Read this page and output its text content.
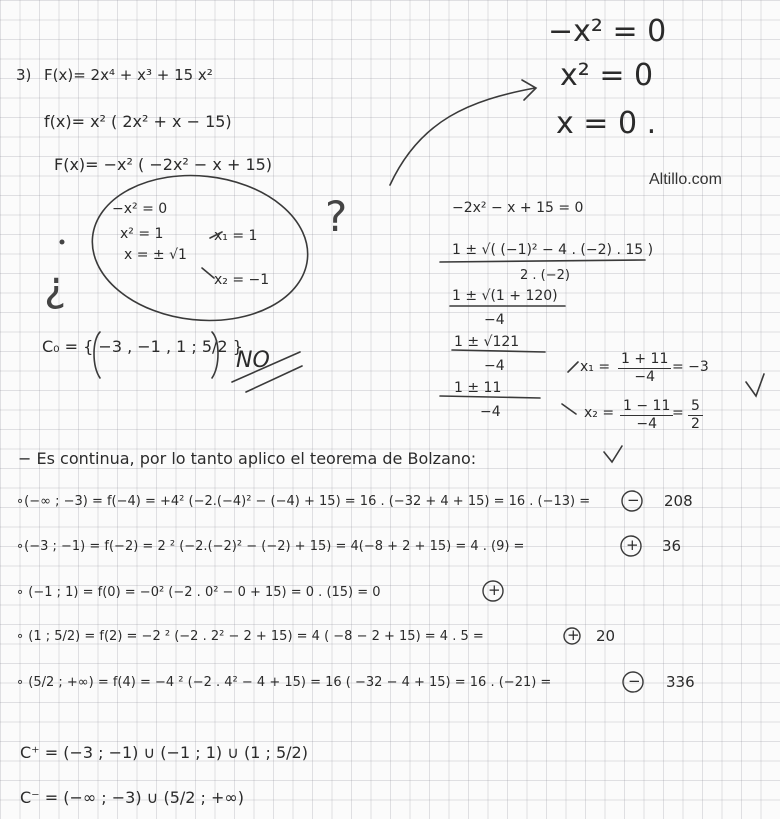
Altillo.com
3) F(x)= 2x⁴ + x³ + 15 x²
f(x)= x² ( 2x² + x − 15)
F(x)= −x² ( −2x² − x + 15)
−x² = 0
x² = 1
x = ± √1
x₁ = 1
x₂ = −1
?
¿
C₀ = { −3 , −1 , 1 ; 5/2 }
NO
−x² = 0
x² = 0
x = 0 .
−2x² − x + 15 = 0
1 ± √( (−1)² − 4 . (−2) . 15 )
2 . (−2)
1 ± √(1 + 120)
−4
1 ± √121
−4
1 ± 11
−4
$x_1 = \frac{1 + 11}{-4} = -3$
$x_2 = \frac{1 - 11}{-4}$
= $\frac{5}{2}$
− Es continua, por lo tanto aplico el teorema de Bolzano:
∘(−∞ ; −3) = f(−4) = +4² (−2.(−4)² − (−4) + 15) = 16 . (−32 + 4 + 15) = 16 . (−13) = − 208
∘(−3 ; −1) = f(−2) = 2 ² (−2.(−2)² − (−2) + 15) = 4(−8 + 2 + 15) = 4 . (9) =	+ 36
∘ (−1 ; 1) = f(0) = −0² (−2 . 0² − 0 + 15) = 0 . (15) = 0	+
∘ (1 ; 5/2) = f(2) = −2 ² (−2 . 2² − 2 + 15) = 4 ( −8 − 2 + 15) = 4 . 5 =	+ 20
∘ (5/2 ; +∞) = f(4) = −4 ² (−2 . 4² − 4 + 15) = 16 ( −32 − 4 + 15) = 16 . (−21) =	− 336
C⁺ = (−3 ; −1) ∪ (−1 ; 1) ∪ (1 ; 5/2)
C⁻ = (−∞ ; −3) ∪ (5/2 ; +∞)
